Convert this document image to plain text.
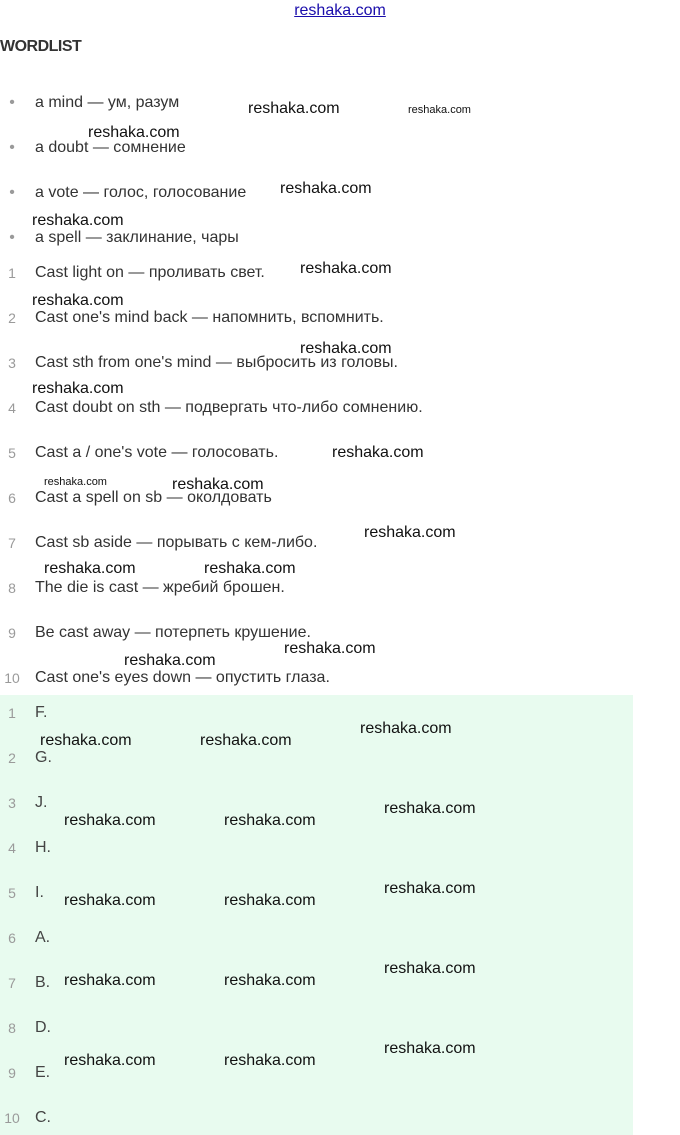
reshaka.com
WORDLIST
•	a mind — ум, разум
•	a doubt — сомнение
•	a vote — голос, голосование
•	a spell — заклинание, чары
1	Cast light on — проливать свет.
2	Cast one's mind back — напомнить, вспомнить.
3	Cast sth from one's mind — выбросить из головы.
4	Cast doubt on sth — подвергать что-либо сомнению.
5	Cast a / one's vote — голосовать.
6	Cast a spell on sb — околдовать
7	Cast sb aside — порывать с кем-либо.
8	The die is cast — жребий брошен.
9	Be cast away — потерпеть крушение.
10 Cast one's eyes down — опустить глаза.
1	F.
2	G.
3	J.
4	H.
5	I.
6	A.
7	B.
8	D.
9	E.
10 C.
reshaka.com	reshaka.com
reshaka.com
reshaka.com
reshaka.com
reshaka.com
reshaka.com
reshaka.com
reshaka.com
reshaka.com
reshaka.com	reshaka.com
reshaka.com
reshaka.com	reshaka.com
reshaka.com
reshaka.com
reshaka.com
reshaka.com	reshaka.com
reshaka.com
reshaka.com	reshaka.com
reshaka.com
reshaka.com	reshaka.com
reshaka.com
reshaka.com	reshaka.com
reshaka.com
reshaka.com	reshaka.com
